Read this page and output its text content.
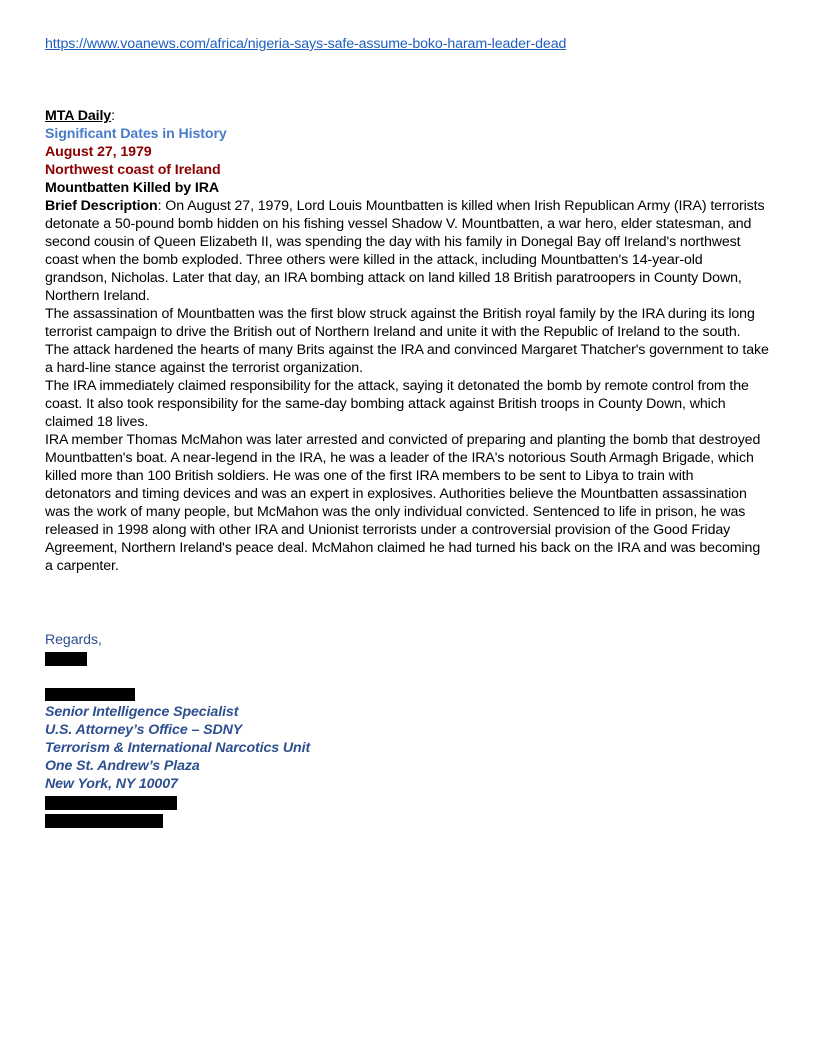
https://www.voanews.com/africa/nigeria-says-safe-assume-boko-haram-leader-dead
MTA Daily:
Significant Dates in History
August 27, 1979
Northwest coast of Ireland
Mountbatten Killed by IRA
Brief Description: On August 27, 1979, Lord Louis Mountbatten is killed when Irish Republican Army (IRA) terrorists
detonate a 50-pound bomb hidden on his fishing vessel Shadow V. Mountbatten, a war hero, elder statesman, and
second cousin of Queen Elizabeth II, was spending the day with his family in Donegal Bay off Ireland's northwest
coast when the bomb exploded. Three others were killed in the attack, including Mountbatten's 14-year-old
grandson, Nicholas. Later that day, an IRA bombing attack on land killed 18 British paratroopers in County Down,
Northern Ireland.
The assassination of Mountbatten was the first blow struck against the British royal family by the IRA during its long
terrorist campaign to drive the British out of Northern Ireland and unite it with the Republic of Ireland to the south.
The attack hardened the hearts of many Brits against the IRA and convinced Margaret Thatcher's government to take
a hard-line stance against the terrorist organization.
The IRA immediately claimed responsibility for the attack, saying it detonated the bomb by remote control from the
coast. It also took responsibility for the same-day bombing attack against British troops in County Down, which
claimed 18 lives.
IRA member Thomas McMahon was later arrested and convicted of preparing and planting the bomb that destroyed
Mountbatten's boat. A near-legend in the IRA, he was a leader of the IRA's notorious South Armagh Brigade, which
killed more than 100 British soldiers. He was one of the first IRA members to be sent to Libya to train with
detonators and timing devices and was an expert in explosives. Authorities believe the Mountbatten assassination
was the work of many people, but McMahon was the only individual convicted. Sentenced to life in prison, he was
released in 1998 along with other IRA and Unionist terrorists under a controversial provision of the Good Friday
Agreement, Northern Ireland's peace deal. McMahon claimed he had turned his back on the IRA and was becoming
a carpenter.
Regards,
Senior Intelligence Specialist
U.S. Attorney’s Office – SDNY
Terrorism & International Narcotics Unit
One St. Andrew’s Plaza
New York, NY 10007
